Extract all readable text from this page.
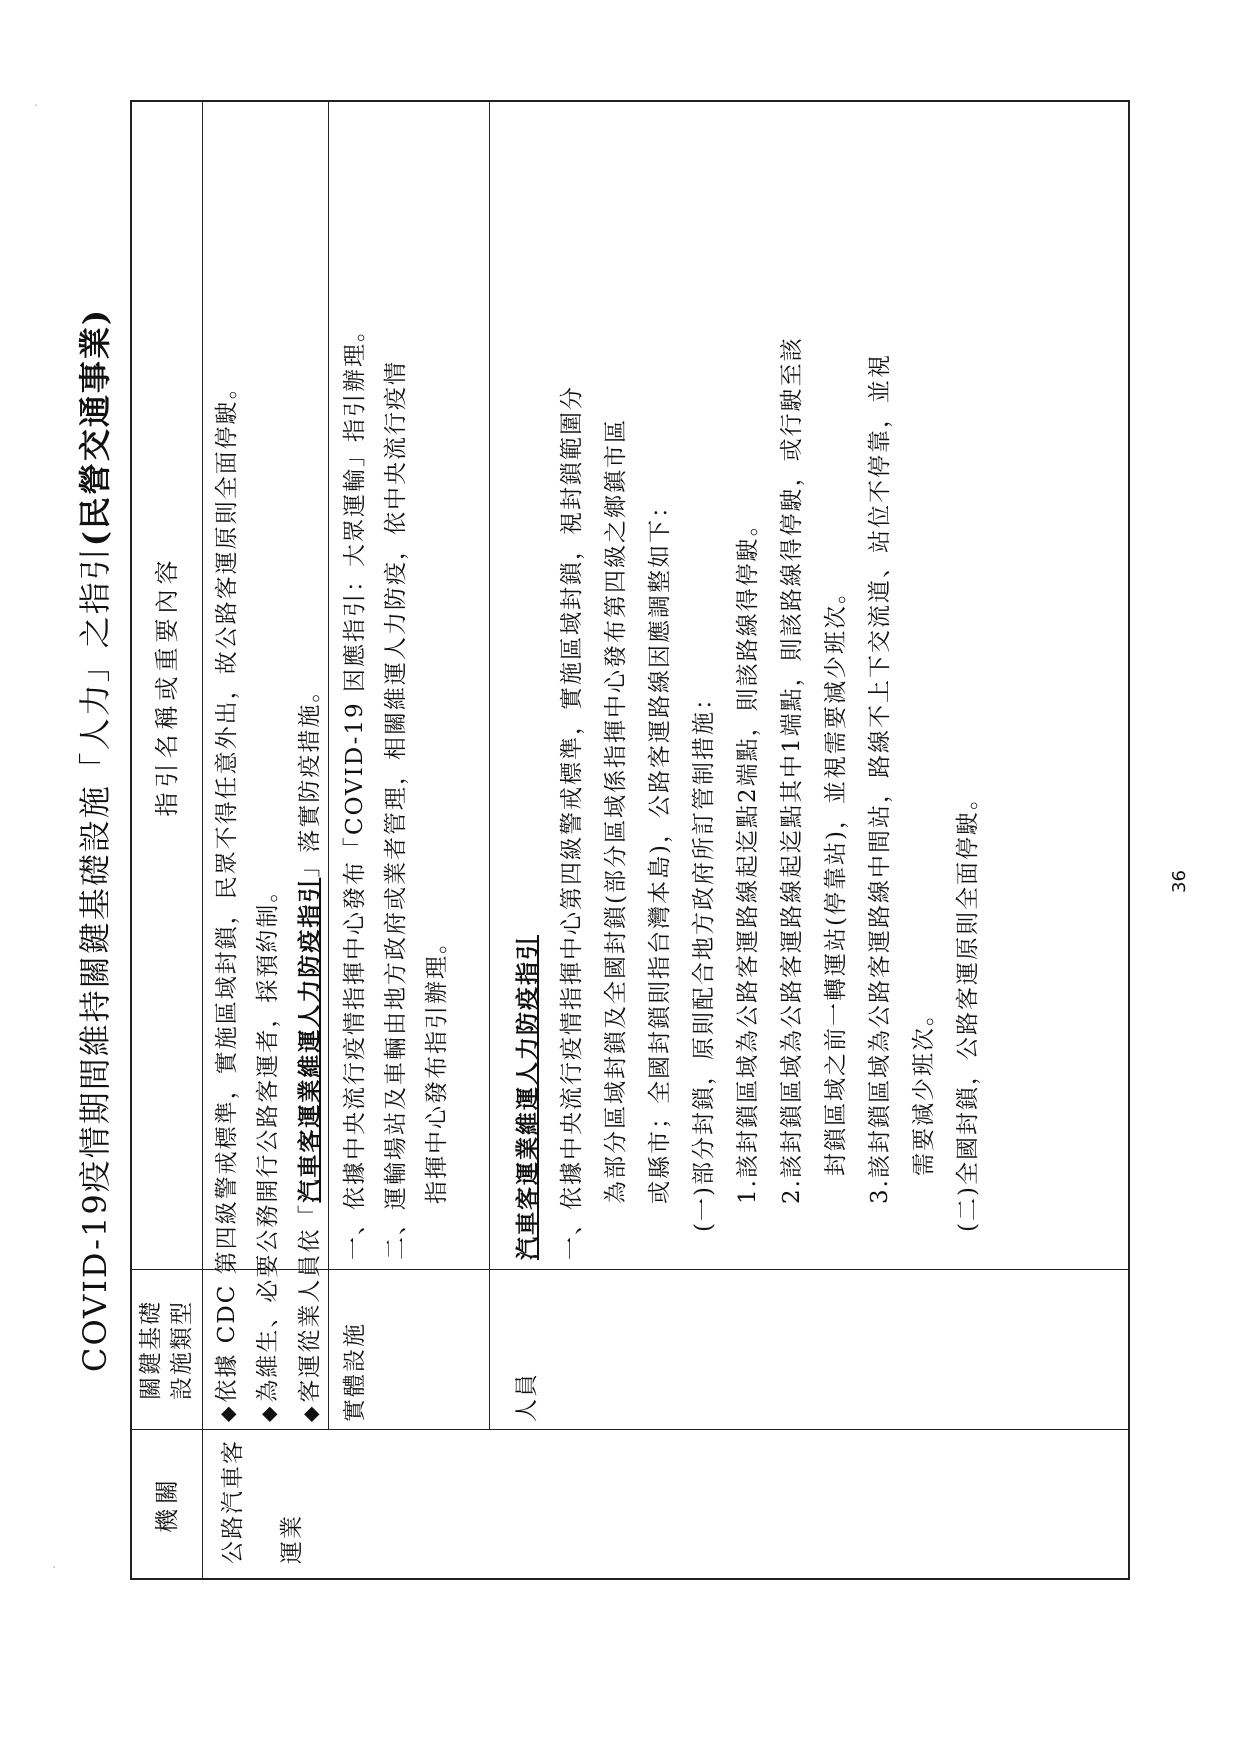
COVID-19疫情期間維持關鍵基礎設施「人力」之指引(民營交通事業)
機關
關鍵基礎 設施類型
指引名稱或重要內容
公路汽車客 運業
◆依據 CDC 第四級警戒標準，實施區域封鎖，民眾不得任意外出，故公路客運原則全面停駛。
◆為維生、必要公務開行公路客運者，採預約制。
◆客運從業人員依「汽車客運業維運人力防疫指引」落實防疫措施。
實體設施
一、依據中央流行疫情指揮中心發布「COVID-19 因應指引：大眾運輸」指引辦理。 二、運輸場站及車輛由地方政府或業者管理，相關維運人力防疫，依中央流行疫情 指揮中心發布指引辦理。
人員
汽車客運業維運人力防疫指引 一、依據中央流行疫情指揮中心第四級警戒標準，實施區域封鎖，視封鎖範圍分 為部分區域封鎖及全國封鎖(部分區域係指揮中心發布第四級之鄉鎮市區 或縣市；全國封鎖則指台灣本島)，公路客運路線因應調整如下： (一)部分封鎖，原則配合地方政府所訂管制措施： 1.該封鎖區域為公路客運路線起迄點2端點，則該路線得停駛。 2.該封鎖區域為公路客運路線起迄點其中1端點，則該路線得停駛，或行駛至該 封鎖區域之前一轉運站(停靠站)，並視需要減少班次。 3.該封鎖區域為公路客運路線中間站，路線不上下交流道、站位不停靠，並視 需要減少班次。 (二)全國封鎖，公路客運原則全面停駛。	36
·
·
